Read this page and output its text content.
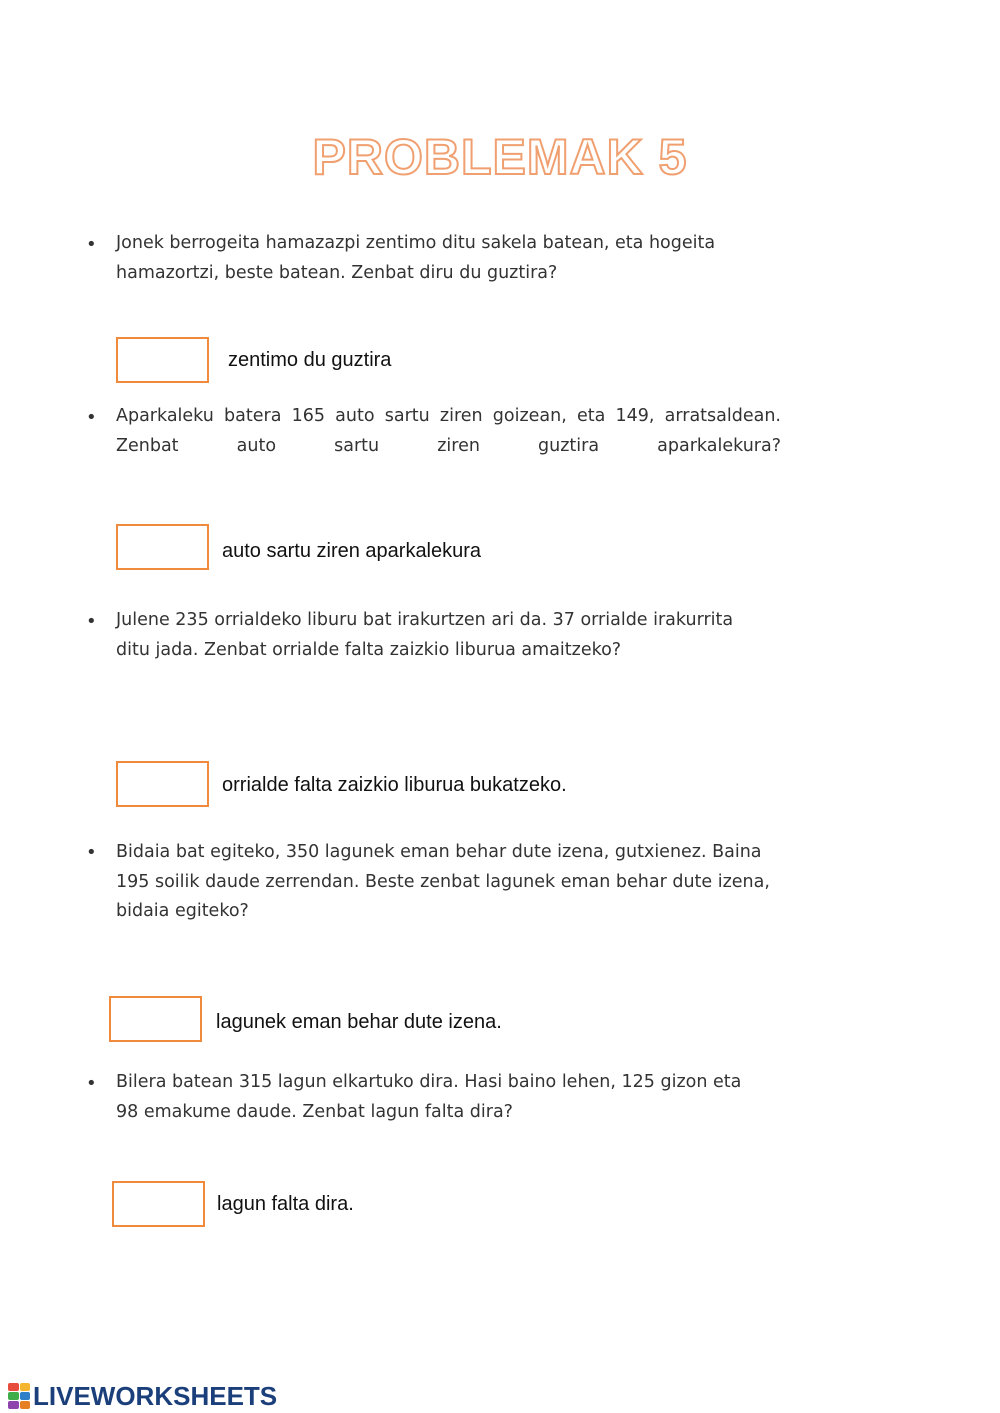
PROBLEMAK 5
• Jonek berrogeita hamazazpi zentimo ditu sakela batean, eta hogeita hamazortzi, beste batean. Zenbat diru du guztira?
zentimo du guztira
• Aparkaleku batera 165 auto sartu ziren goizean, eta 149, arratsaldean. Zenbat auto sartu ziren guztira aparkalekura?
auto sartu ziren aparkalekura
• Julene 235 orrialdeko liburu bat irakurtzen ari da. 37 orrialde irakurrita ditu jada. Zenbat orrialde falta zaizkio liburua amaitzeko?
orrialde falta zaizkio liburua bukatzeko.
• Bidaia bat egiteko, 350 lagunek eman behar dute izena, gutxienez. Baina 195 soilik daude zerrendan. Beste zenbat lagunek eman behar dute izena, bidaia egiteko?
lagunek eman behar dute izena.
• Bilera batean 315 lagun elkartuko dira. Hasi baino lehen, 125 gizon eta 98 emakume daude. Zenbat lagun falta dira?
lagun falta dira.
LIVEWORKSHEETS
